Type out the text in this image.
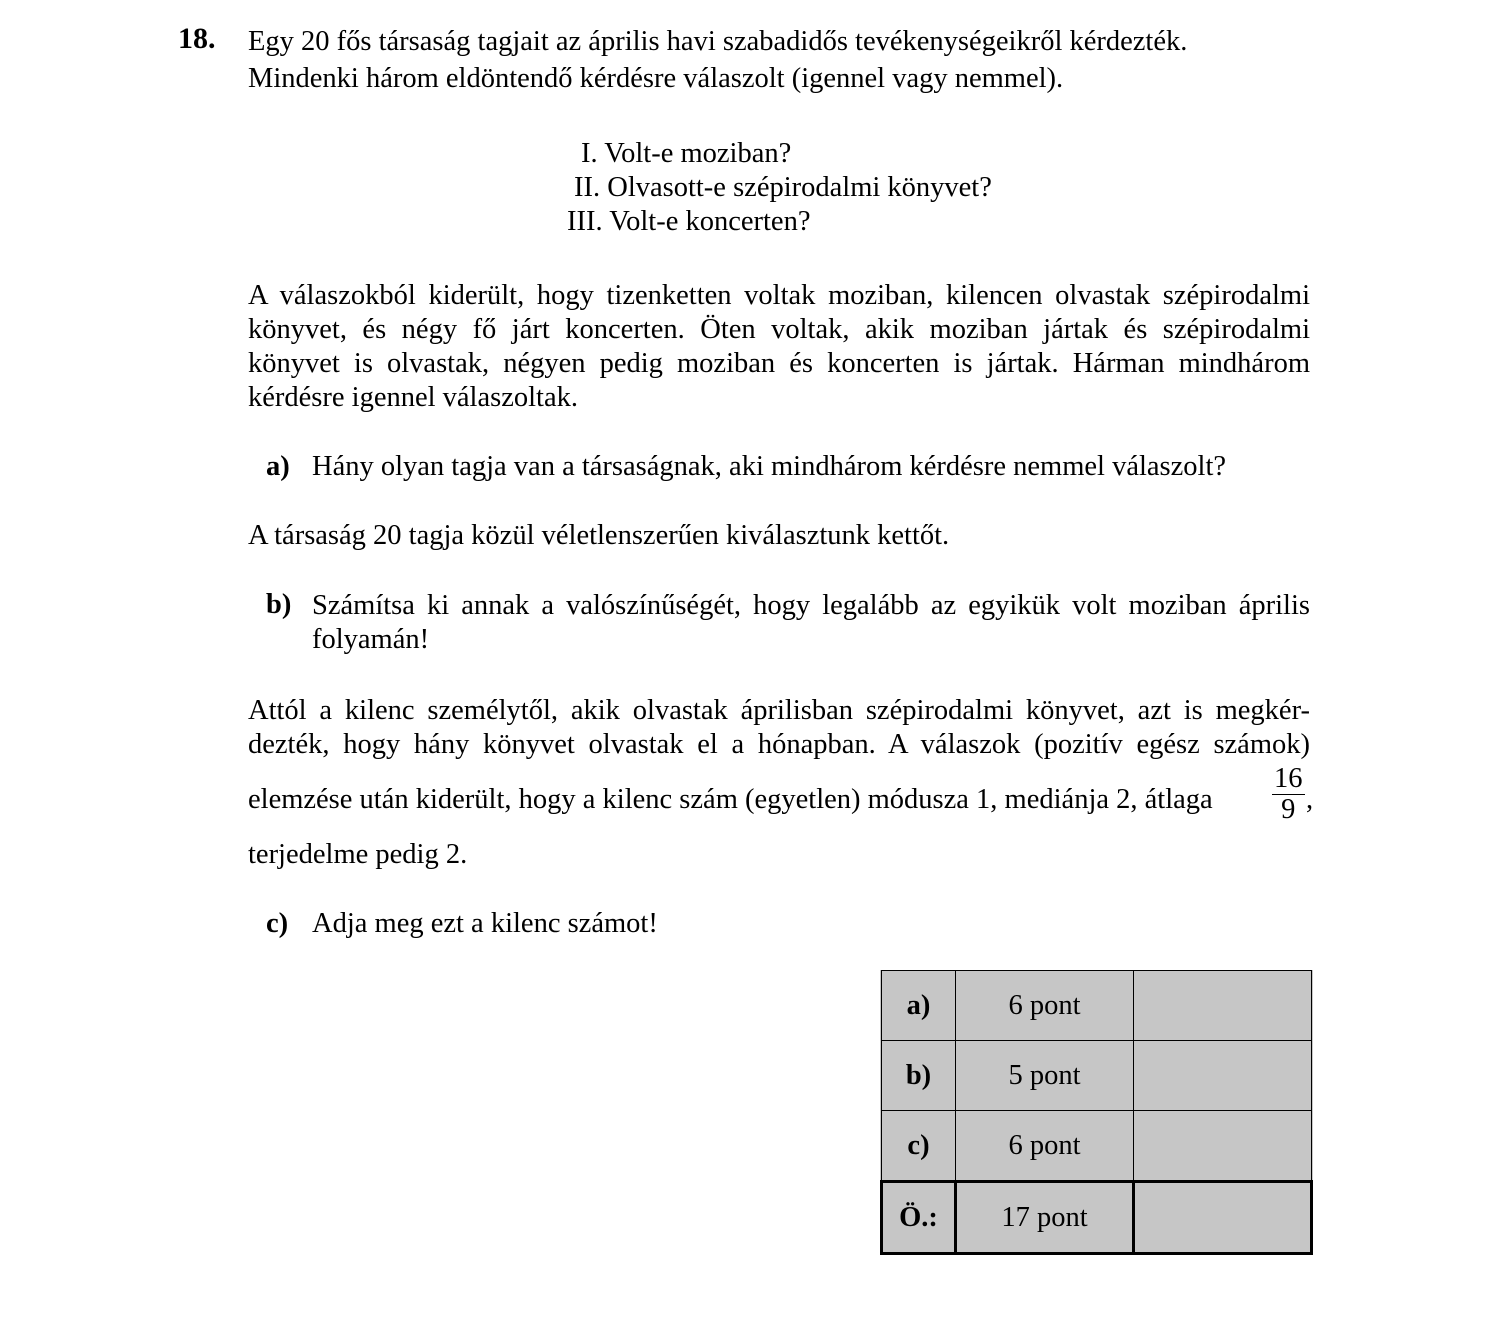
18. Egy 20 fős társaság tagjait az április havi szabadidős tevékenységeikről kérdezték.
Mindenki három eldöntendő kérdésre válaszolt (igennel vagy nemmel).
I. Volt-e moziban?
II. Olvasott-e szépirodalmi könyvet?
III. Volt-e koncerten?
A válaszokból kiderült, hogy tizenketten voltak moziban, kilencen olvastak szépirodalmi
könyvet, és négy fő járt koncerten. Öten voltak, akik moziban jártak és szépirodalmi
könyvet is olvastak, négyen pedig moziban és koncerten is jártak. Hárman mindhárom
kérdésre igennel válaszoltak.
a) Hány olyan tagja van a társaságnak, aki mindhárom kérdésre nemmel válaszolt?
A társaság 20 tagja közül véletlenszerűen kiválasztunk kettőt.
b) Számítsa ki annak a valószínűségét, hogy legalább az egyikük volt moziban április
folyamán!
Attól a kilenc személytől, akik olvastak áprilisban szépirodalmi könyvet, azt is megkér-
dezték, hogy hány könyvet olvastak el a hónapban. A válaszok (pozitív egész számok)
elemzése után kiderült, hogy a kilenc szám (egyetlen) módusza 1, mediánja 2, átlaga
16
9 ,
terjedelme pedig 2.
c) Adja meg ezt a kilenc számot!
a)	6 pont	
b)	5 pont	
c)	6 pont	
Ö.:	17 pont	
